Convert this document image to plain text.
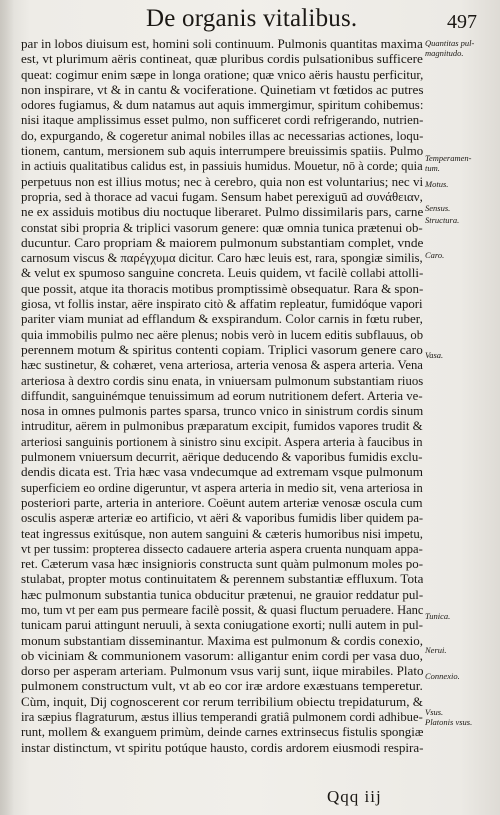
De organis vitalibus.	497
par in lobos diuisum est, homini soli continuum. Pulmonis quantitas maxima
est, vt plurimum aëris contineat, quæ pluribus cordis pulsationibus sufficere
queat: cogimur enim sæpe in longa oratione; quæ vnico aëris haustu perficitur,
non inspirare, vt & in cantu & vociferatione. Quinetiam vt fœtidos ac putres
odores fugiamus, & dum natamus aut aquis immergimur, spiritum cohibemus:
nisi itaque amplissimus esset pulmo, non sufficeret cordi refrigerando, nutrien-
do, expurgando, & cogeretur animal nobiles illas ac necessarias actiones, loqu-
tionem, cantum, mersionem sub aquis interrumpere breuissimis spatiis. Pulmo
in actiuis qualitatibus calidus est, in passiuis humidus. Mouetur, nō à corde; quia
perpetuus non est illius motus; nec à cerebro, quia non est voluntarius; nec vi
propria, sed à thorace ad vacui fugam. Sensum habet perexiguū ad συνάθειαν,
ne ex assiduis motibus diu noctuque liberaret. Pulmo dissimilaris pars, carne
constat sibi propria & triplici vasorum genere: quæ omnia tunica prætenui ob-
ducuntur. Caro propriam & maiorem pulmonum substantiam complet, vnde
carnosum viscus & παρέγχυμα dicitur. Caro hæc leuis est, rara, spongiæ similis,
& velut ex spumoso sanguine concreta. Leuis quidem, vt facilè collabi attolli-
que possit, atque ita thoracis motibus promptissimè obsequatur. Rara & spon-
giosa, vt follis instar, aëre inspirato citò & affatim repleatur, fumidóque vapori
pariter viam muniat ad efflandum & exspirandum. Color carnis in fœtu ruber,
quia immobilis pulmo nec aëre plenus; nobis verò in lucem editis subflauus, ob
perennem motum & spiritus contenti copiam. Triplici vasorum genere caro
hæc sustinetur, & cohæret, vena arteriosa, arteria venosa & aspera arteria. Vena
arteriosa à dextro cordis sinu enata, in vniuersam pulmonum substantiam riuos
diffundit, sanguinémque tenuissimum ad eorum nutritionem defert. Arteria ve-
nosa in omnes pulmonis partes sparsa, trunco vnico in sinistrum cordis sinum
intruditur, aërem in pulmonibus præparatum excipit, fumidos vapores trudit &
arteriosi sanguinis portionem à sinistro sinu excipit. Aspera arteria à faucibus in
pulmonem vniuersum decurrit, aërique deducendo & vaporibus fumidis exclu-
dendis dicata est. Tria hæc vasa vndecumque ad extremam vsque pulmonum
superficiem eo ordine digeruntur, vt aspera arteria in medio sit, vena arteriosa in
posteriori parte, arteria in anteriore. Coëunt autem arteriæ venosæ oscula cum
osculis asperæ arteriæ eo artificio, vt aëri & vaporibus fumidis liber quidem pa-
teat ingressus exitúsque, non autem sanguini & cæteris humoribus nisi impetu,
vt per tussim: propterea dissecto cadauere arteria aspera cruenta nunquam appa-
ret. Cæterum vasa hæc insignioris constructa sunt quàm pulmonum moles po-
stulabat, propter motus continuitatem & perennem substantiæ effluxum. Tota
hæc pulmonum substantia tunica obducitur prætenui, ne grauior reddatur pul-
mo, tum vt per eam pus permeare facilè possit, & quasi fluctum peruadere. Hanc
tunicam parui attingunt neruuli, à sexta coniugatione exorti; nulli autem in pul-
monum substantiam disseminantur. Maxima est pulmonum & cordis conexio,
ob viciniam & communionem vasorum: alligantur enim cordi per vasa duo,
dorso per asperam arteriam. Pulmonum vsus varij sunt, iique mirabiles. Plato
pulmonem constructum vult, vt ab eo cor iræ ardore exæstuans temperetur.
Cùm, inquit, Dij cognoscerent cor rerum terribilium obiectu trepidaturum, &
ira sæpius flagraturum, æstus illius temperandi gratiâ pulmonem cordi adhibue-
runt, mollem & exanguem primùm, deinde carnes extrinsecus fistulis spongiæ
instar distinctum, vt spiritu potúque hausto, cordis ardorem eiusmodi respira-
Quantitas pul-
magnitudo.
Temperamen-
tum.
Motus.
Sensus.
Structura.
Caro.
Vasa.
Tunica.
Nerui.
Connexio.
Vsus.
Platonis vsus.
Qqq iij
